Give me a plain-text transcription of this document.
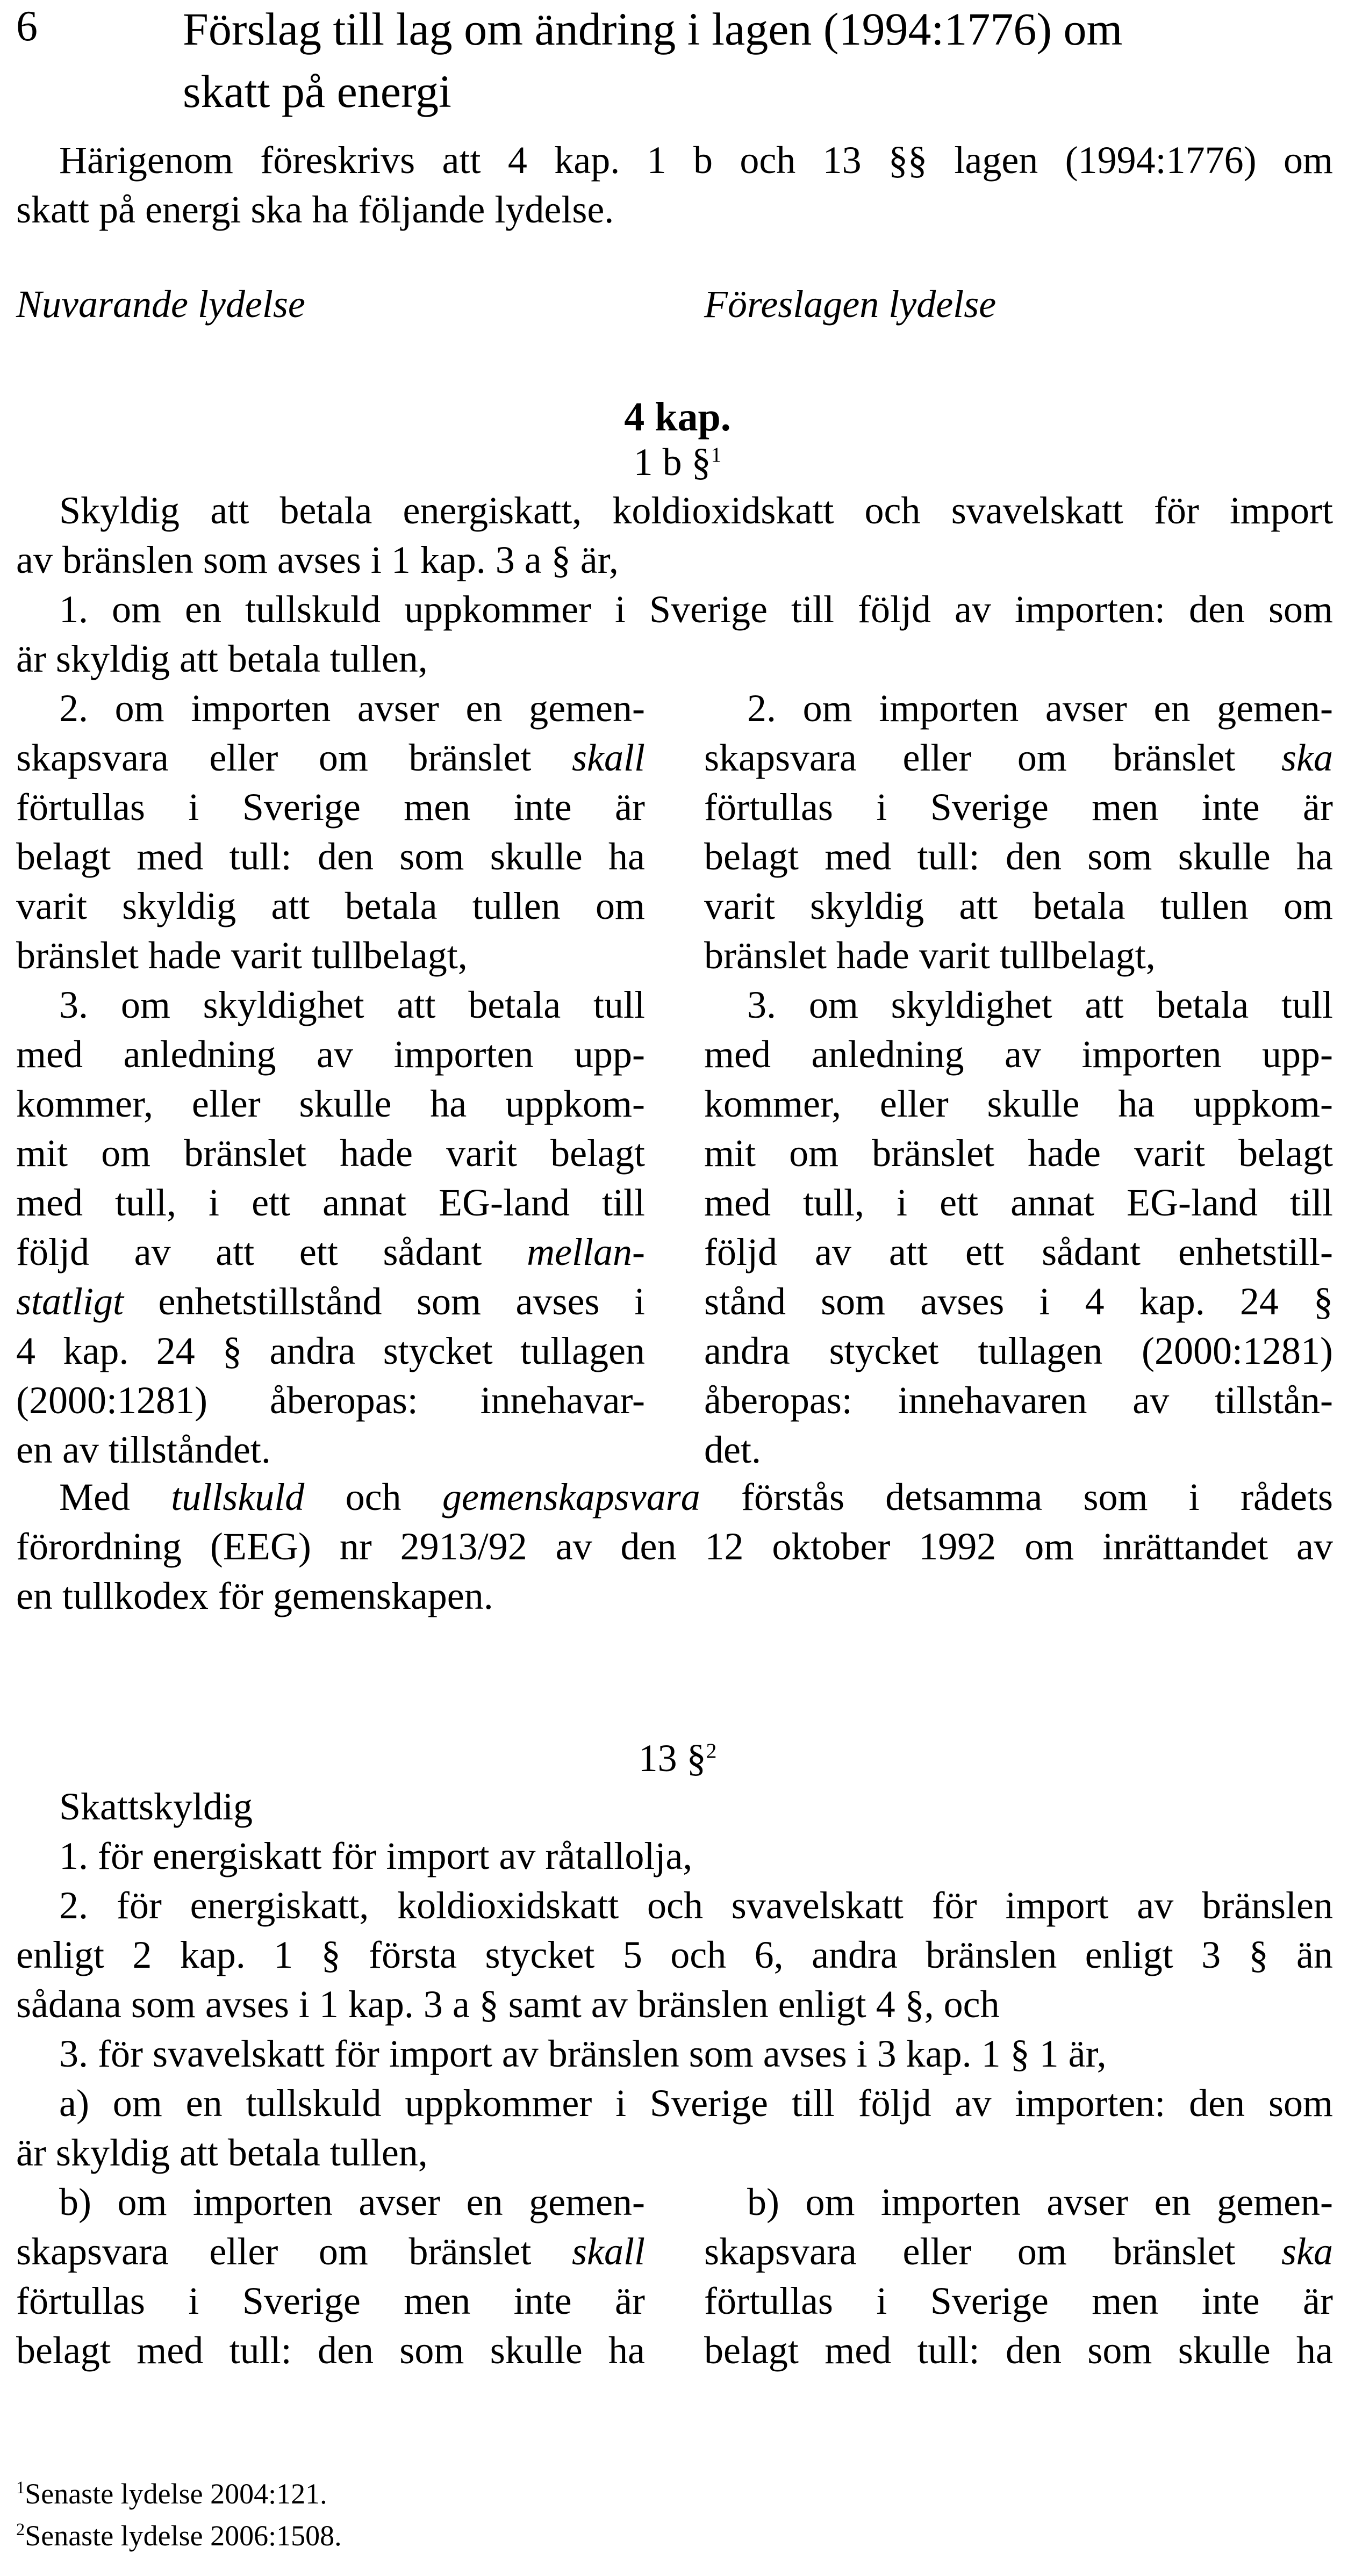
6	Förslag till lag om ändring i lagen (1994:1776) om
skatt på energi
Härigenom föreskrivs att 4 kap. 1 b och 13 §§ lagen (1994:1776) om
skatt på energi ska ha följande lydelse.
Nuvarande lydelse	Föreslagen lydelse
4 kap.
1 b §$^1$
Skyldig att betala energiskatt, koldioxidskatt och svavelskatt för import
av bränslen som avses i 1 kap. 3 a § är,
1. om en tullskuld uppkommer i Sverige till följd av importen: den som
är skyldig att betala tullen,
2. om importen avser en gemen-
skapsvara eller om bränslet skall
förtullas i Sverige men inte är
belagt med tull: den som skulle ha
varit skyldig att betala tullen om
bränslet hade varit tullbelagt,
3. om skyldighet att betala tull
med anledning av importen upp-
kommer, eller skulle ha uppkom-
mit om bränslet hade varit belagt
med tull, i ett annat EG-land till
följd av att ett sådant mellan-
statligt enhetstillstånd som avses i
4 kap. 24 § andra stycket tullagen
(2000:1281) åberopas: innehavar-
en av tillståndet.
2. om importen avser en gemen-
skapsvara eller om bränslet ska
förtullas i Sverige men inte är
belagt med tull: den som skulle ha
varit skyldig att betala tullen om
bränslet hade varit tullbelagt,
3. om skyldighet att betala tull
med anledning av importen upp-
kommer, eller skulle ha uppkom-
mit om bränslet hade varit belagt
med tull, i ett annat EG-land till
följd av att ett sådant enhetstill-
stånd som avses i 4 kap. 24 §
andra stycket tullagen (2000:1281)
åberopas: innehavaren av tillstån-
det.
Med tullskuld och gemenskapsvara förstås detsamma som i rådets
förordning (EEG) nr 2913/92 av den 12 oktober 1992 om inrättandet av
en tullkodex för gemenskapen.
13 §$^2$
Skattskyldig
1. för energiskatt för import av råtallolja,
2. för energiskatt, koldioxidskatt och svavelskatt för import av bränslen
enligt 2 kap. 1 § första stycket 5 och 6, andra bränslen enligt 3 § än
sådana som avses i 1 kap. 3 a § samt av bränslen enligt 4 §, och
3. för svavelskatt för import av bränslen som avses i 3 kap. 1 § 1 är,
a) om en tullskuld uppkommer i Sverige till följd av importen: den som
är skyldig att betala tullen,
b) om importen avser en gemen-
skapsvara eller om bränslet skall
förtullas i Sverige men inte är
belagt med tull: den som skulle ha
b) om importen avser en gemen-
skapsvara eller om bränslet ska
förtullas i Sverige men inte är
belagt med tull: den som skulle ha
$^1$Senaste lydelse 2004:121.
$^2$Senaste lydelse 2006:1508.
